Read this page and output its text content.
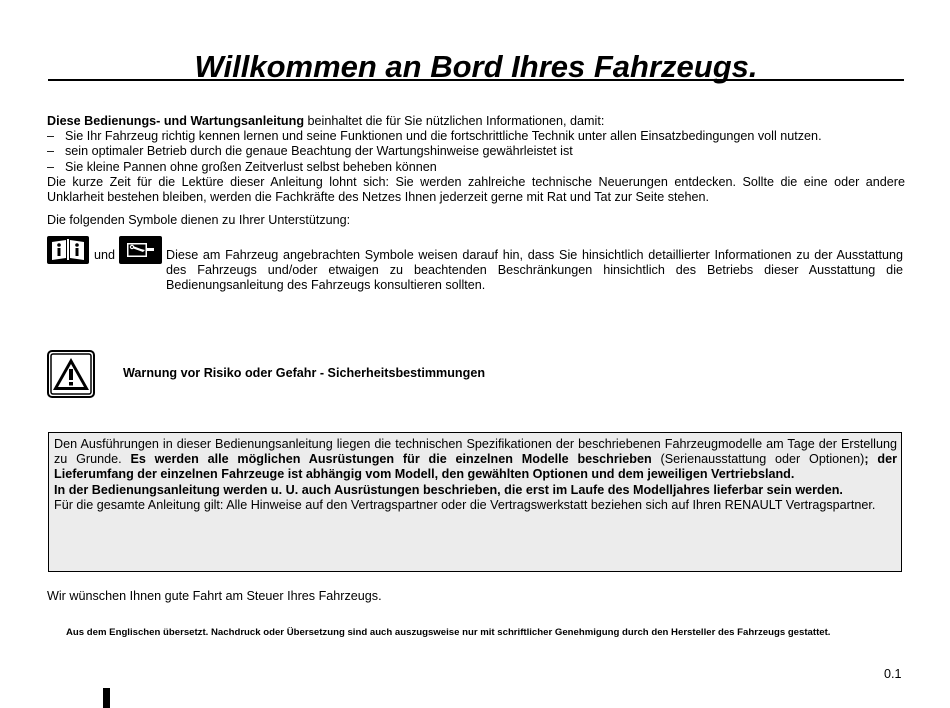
Willkommen an Bord Ihres Fahrzeugs.

Diese Bedienungs- und Wartungsanleitung beinhaltet die für Sie nützlichen Informationen, damit:

– Sie Ihr Fahrzeug richtig kennen lernen und seine Funktionen und die fortschrittliche Technik unter allen Einsatzbedingungen voll nutzen.

– sein optimaler Betrieb durch die genaue Beachtung der Wartungshinweise gewährleistet ist

– Sie kleine Pannen ohne großen Zeitverlust selbst beheben können

Die kurze Zeit für die Lektüre dieser Anleitung lohnt sich: Sie werden zahlreiche technische Neuerungen entdecken. Sollte die eine oder andere Unklarheit bestehen bleiben, werden die Fachkräfte des Netzes Ihnen jederzeit gerne mit Rat und Tat zur Seite stehen.

Die folgenden Symbole dienen zu Ihrer Unterstützung:
und	Diese am Fahrzeug angebrachten Symbole weisen darauf hin, dass Sie hinsichtlich detaillierter Informationen zu der Ausstattung des Fahrzeugs und/oder etwaigen zu beachtenden Beschränkungen hinsichtlich des Betriebs dieser Ausstattung die Bedienungsanleitung des Fahrzeugs konsultieren sollten.
Warnung vor Risiko oder Gefahr - Sicherheitsbestimmungen
Den Ausführungen in dieser Bedienungsanleitung liegen die technischen Spezifikationen der beschriebenen Fahrzeugmodelle am Tage der Erstellung zu Grunde. Es werden alle möglichen Ausrüstungen für die einzelnen Modelle beschrieben (Serienausstattung oder Optionen); der Lieferumfang der einzelnen Fahrzeuge ist abhängig vom Modell, den gewählten Optionen und dem jeweiligen Vertriebsland.
In der Bedienungsanleitung werden u. U. auch Ausrüstungen beschrieben, die erst im Laufe des Modelljahres lieferbar sein werden.
Für die gesamte Anleitung gilt: Alle Hinweise auf den Vertragspartner oder die Vertragswerkstatt beziehen sich auf Ihren RENAULT Vertragspartner.
Wir wünschen Ihnen gute Fahrt am Steuer Ihres Fahrzeugs.
Aus dem Englischen übersetzt. Nachdruck oder Übersetzung sind auch auszugsweise nur mit schriftlicher Genehmigung durch den Hersteller des Fahrzeugs gestattet.
0.1
